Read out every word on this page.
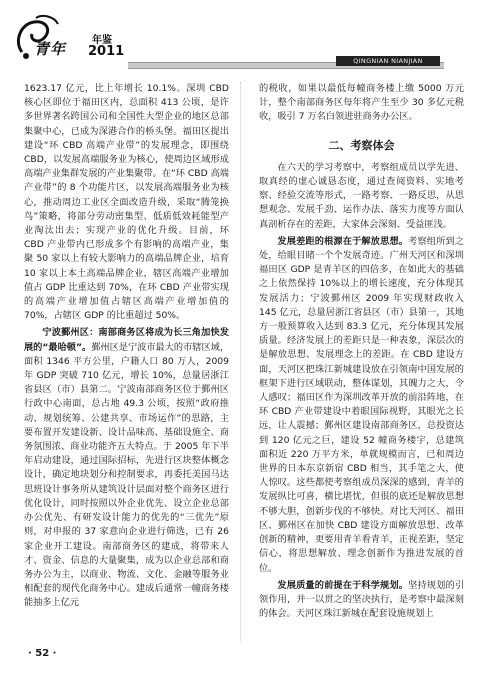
青年	年鉴
2011
QINGNIAN NIANJIAN

1623.17 亿元，比上年增长 10.1%。深圳 CBD 核心区即位于福田区内，总面积 413 公顷，是许多世界著名跨国公司和全国性大型企业的地区总部集聚中心，已成为深港合作的桥头堡。福田区提出建设“环 CBD 高端产业带”的发展理念，即围绕 CBD，以发展高端服务业为核心，使周边区域形成高端产业集群发展的产业集聚带。在“环 CBD 高端产业带”的 8 个功能片区，以发展高端服务业为核心，推动周边工业区全面改造升级，采取“腾笼换鸟”策略，将部分劳动密集型、低质低效耗能型产业淘汰出去；实现产业的优化升级。目前，环 CBD 产业带内已形成多个有影响的高端产业，集聚 50 家以上有较大影响力的高端品牌企业，培育 10 家以上本土高端品牌企业，辖区高端产业增加值占 GDP 比重达到 70%，在环 CBD 产业带实现的高端产业增加值占辖区高端产业增加值的 70%，占辖区 GDP 的比重超过 50%。

宁波鄞州区：南部商务区将成为长三角加快发展的“最哈顿”。鄞州区是宁波市最大的市辖区域，面积 1346 平方公里，户籍人口 80 万人，2009 年 GDP 突破 710 亿元，增长 10%，总量居浙江省县区（市）县第二。宁波南部商务区位于鄞州区行政中心南面，总占地 49.3 公顷，按照“政府推动、规划统筹、公建共享、市场运作”的思路，主要布置开发建设新、设计品味高、基础设施全、商务氛围浓、商业功能齐五大特点。于 2005 年下半年启动建设，通过国际招标，先进行区块整体概念设计，确定地块划分和控制要求，再委托美国马达思班设计事务所从建筑设计层面对整个商务区进行优化设计，同时按照以外企业优先、设立企业总部办公优先、有研发设计能力的优先的“三优先”原则，对申报的 37 家意向企业进行筛选，已有 26 家企业开工建设。南部商务区的建成，将带来人才、资金、信息的大量聚集，成为以企业总部和商务办公为主，以商业、物流、文化、金融等服务业相配套的现代化商务中心。建成后通常一幢商务楼能抽多上亿元

的税收，如果以最低每幢商务楼上缴 5000 万元计，整个南部商务区每年将产生至少 30 多亿元税收，吸引 7 万名白领进驻商务办公区。

二、考察体会

在六天的学习考察中，考察组成员以学先进、取真经的虚心诚恳态度，通过查阅资料、实地考察、经验交流等形式，一路考察、一路反思，从思想观念、发展千劲、运作办法、落实力度等方面认真剖析存在的差距，大家体会深刻、受益匪浅。

发展差距的根源在于解放思想。考察组所到之处，给眼目睹一个个发展奇迹。广州天河区和深圳福田区 GDP 是青羊区的四倍多，在如此大的基础之上依然保持 10%以上的增长速度，充分体现其发展活力；宁波鄞州区 2009 年实现财政收入 145 亿元，总量居浙江省县区（市）县第一，其地方一般预算收入达到 83.3 亿元，充分体现其发展质量。经济发展上的差距只是一种表象，深层次的是解放思想、发展理念上的差距。在 CBD 建设方面，天河区把珠江新城建设放在引领南中国发展的框架下进行区域联动，整体谋划，其魄力之大，令人感叹；福田区作为深圳改革开放的前沿阵地，在环 CBD 产业带建设中着眼国际视野，其眼光之长远，让人震撼；鄞州区建设南部商务区，总投资达到 120 亿元之巨，建设 52 幢商务楼宇，总建筑面积近 220 万平方米，单就规模而言，已和周边世界的日本东京新宿 CBD 相当，其手笔之大，使人惊叹。这些都使考察组成员深深的感到，青羊的发展纵比可喜，横比堪忧，但很的底还是解放思想不够大胆，创新步伐的不够快。对比天河区、福田区、鄞州区在加快 CBD 建设方面解放思想、改革创新的精神，更要用青羊看青羊，正视差距，坚定信心，将思想解放、理念创新作为推进发展的首位。

发展质量的前提在于科学规划。坚持规划的引领作用，并一以贯之的坚决执行，是考察中最深刻的体会。天河区珠江新城在配套设施规划上

· 52 ·
